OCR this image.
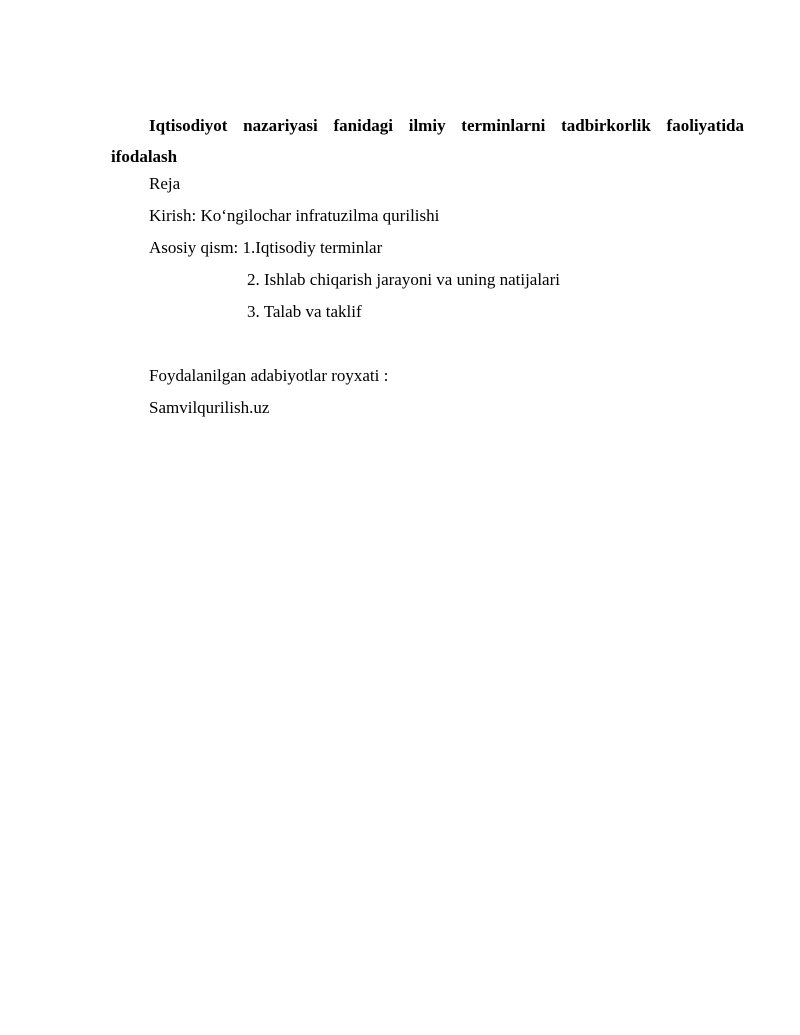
Iqtisodiyot nazariyasi fanidagi ilmiy terminlarni tadbirkorlik faoliyatida ifodalash

Reja

Kirish: Ko‘ngilochar infratuzilma qurilishi

Asosiy qism: 1.Iqtisodiy terminlar

2. Ishlab chiqarish jarayoni va uning natijalari

3. Talab va taklif

Foydalanilgan adabiyotlar royxati :

Samvilqurilish.uz
